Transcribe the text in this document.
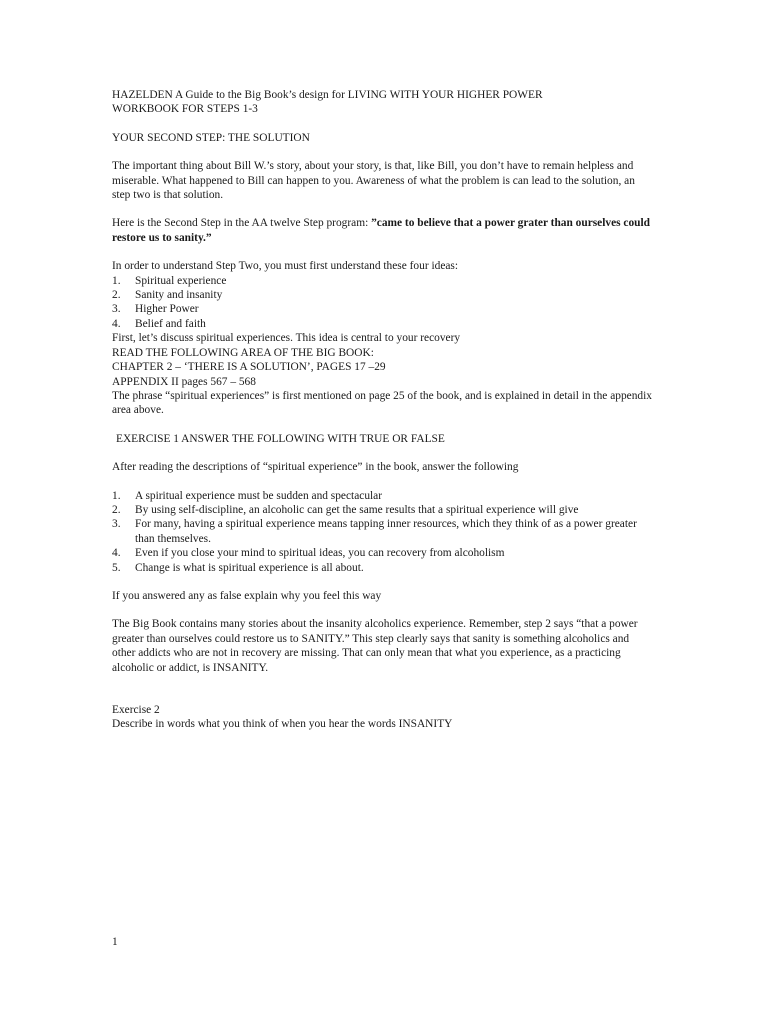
HAZELDEN A Guide to the Big Book’s design for LIVING WITH YOUR HIGHER POWER

WORKBOOK FOR STEPS 1-3

YOUR SECOND STEP: THE SOLUTION

The important thing about Bill W.’s story, about your story, is that, like Bill, you don’t have to remain helpless and miserable. What happened to Bill can happen to you. Awareness of what the problem is can lead to the solution, an step two is that solution.

Here is the Second Step in the AA twelve Step program: ”came to believe that a power grater than ourselves could restore us to sanity.”

In order to understand Step Two, you must first understand these four ideas:

1.	Spiritual experience
2.	Sanity and insanity
3.	Higher Power
4.	Belief and faith

First, let’s discuss spiritual experiences. This idea is central to your recovery

READ THE FOLLOWING AREA OF THE BIG BOOK:

CHAPTER 2 – ‘THERE IS A SOLUTION’, PAGES 17 –29

APPENDIX II pages 567 – 568

The phrase “spiritual experiences” is first mentioned on page 25 of the book, and is explained in detail in the appendix area above.

EXERCISE 1 ANSWER THE FOLLOWING WITH TRUE OR FALSE

After reading the descriptions of “spiritual experience” in the book, answer the following

1.	A spiritual experience must be sudden and spectacular
2.	By using self-discipline, an alcoholic can get the same results that a spiritual experience will give
3.	For many, having a spiritual experience means tapping inner resources, which they think of as a power greater than themselves.
4.	Even if you close your mind to spiritual ideas, you can recovery from alcoholism
5.	Change is what is spiritual experience is all about.

If you answered any as false explain why you feel this way

The Big Book contains many stories about the insanity alcoholics experience. Remember, step 2 says “that a power greater than ourselves could restore us to SANITY.” This step clearly says that sanity is something alcoholics and other addicts who are not in recovery are missing. That can only mean that what you experience, as a practicing alcoholic or addict, is INSANITY.

Exercise 2

Describe in words what you think of when you hear the words INSANITY

1
